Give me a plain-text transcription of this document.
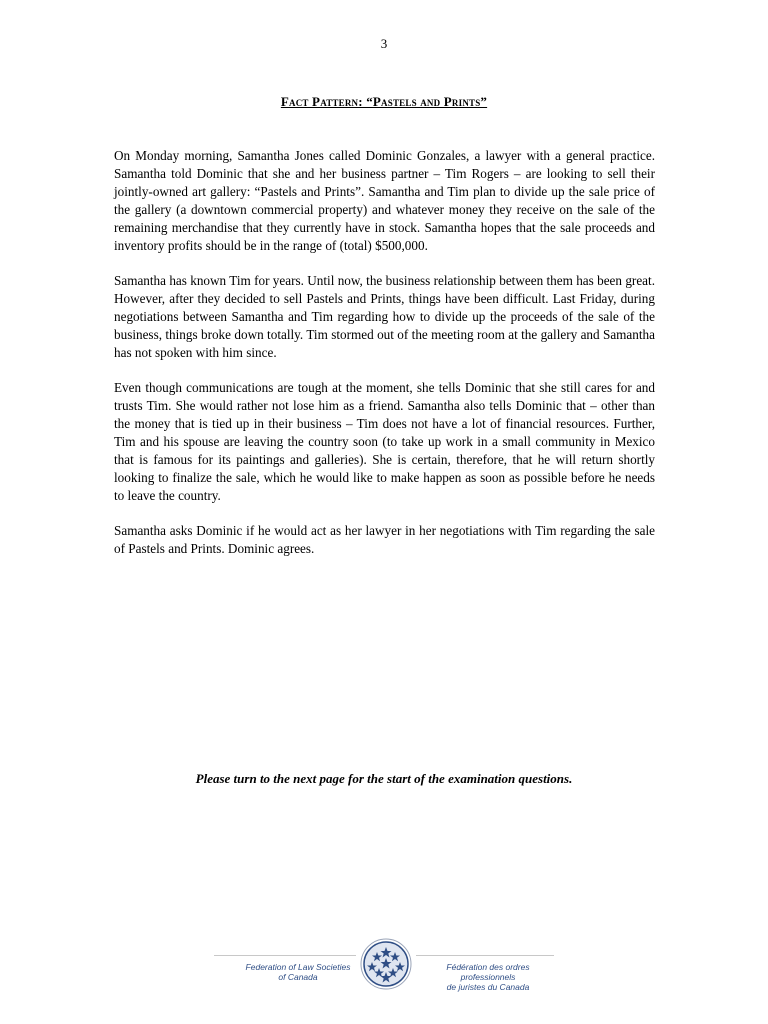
3
Fact Pattern: “Pastels and Prints”

On Monday morning, Samantha Jones called Dominic Gonzales, a lawyer with a general practice. Samantha told Dominic that she and her business partner – Tim Rogers – are looking to sell their jointly-owned art gallery: “Pastels and Prints”. Samantha and Tim plan to divide up the sale price of the gallery (a downtown commercial property) and whatever money they receive on the sale of the remaining merchandise that they currently have in stock. Samantha hopes that the sale proceeds and inventory profits should be in the range of (total) $500,000.

Samantha has known Tim for years. Until now, the business relationship between them has been great. However, after they decided to sell Pastels and Prints, things have been difficult. Last Friday, during negotiations between Samantha and Tim regarding how to divide up the proceeds of the sale of the business, things broke down totally. Tim stormed out of the meeting room at the gallery and Samantha has not spoken with him since.

Even though communications are tough at the moment, she tells Dominic that she still cares for and trusts Tim. She would rather not lose him as a friend. Samantha also tells Dominic that – other than the money that is tied up in their business – Tim does not have a lot of financial resources. Further, Tim and his spouse are leaving the country soon (to take up work in a small community in Mexico that is famous for its paintings and galleries). She is certain, therefore, that he will return shortly looking to finalize the sale, which he would like to make happen as soon as possible before he needs to leave the country.

Samantha asks Dominic if he would act as her lawyer in her negotiations with Tim regarding the sale of Pastels and Prints. Dominic agrees.

Please turn to the next page for the start of the examination questions.
Federation of Law Societies
of Canada
Fédération des ordres professionnels
de juristes du Canada
